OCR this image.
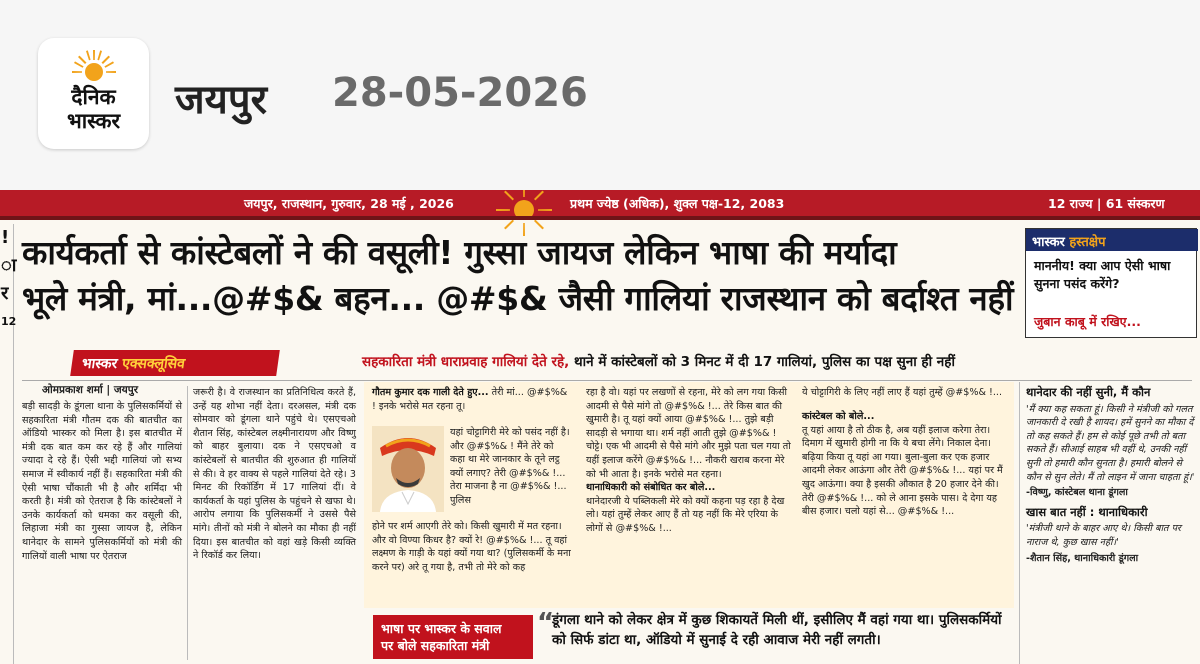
दैनिक
भास्कर	जयपुर 28-05-2026
जयपुर, राजस्थान, गुरुवार, 28 मई , 2026	प्रथम ज्येष्ठ (अधिक), शुक्ल पक्ष-12, 2083	12 राज्य | 61 संस्करण
!
ा
र
12
कार्यकर्ता से कांस्टेबलों ने की वसूली! गुस्सा जायज लेकिन भाषा की मर्यादा
भूले मंत्री, मां...@#$& बहन... @#$& जैसी गालियां राजस्थान को बर्दाश्त नहीं
भास्कर हस्तक्षेप
माननीय! क्या आप ऐसी भाषा सुनना पसंद करेंगे?
जुबान काबू में रखिए...
भास्कर एक्सक्लूसिव	सहकारिता मंत्री धाराप्रवाह गालियां देते रहे, थाने में कांस्टेबलों को 3 मिनट में दी 17 गालियां, पुलिस का पक्ष सुना ही नहीं
ओमप्रकाश शर्मा | जयपुर
बड़ी सादड़ी के डूंगला थाना के पुलिसकर्मियों से सहकारिता मंत्री गौतम दक की बातचीत का ऑडियो भास्कर को मिला है। इस बातचीत में मंत्री दक बात कम कर रहे हैं और गालियां ज्यादा दे रहे हैं। ऐसी भद्दी गालियां जो सभ्य समाज में स्वीकार्य नहीं हैं। सहकारिता मंत्री की ऐसी भाषा चौंकाती भी है और शर्मिंदा भी करती है। मंत्री को ऐतराज है कि कांस्टेबलों ने उनके कार्यकर्ता को धमका कर वसूली की, लिहाजा मंत्री का गुस्सा जायज है, लेकिन थानेदार के सामने पुलिसकर्मियों को मंत्री की गालियों वाली भाषा पर ऐतराज
जरूरी है। वे राजस्थान का प्रतिनिधित्व करते हैं, उन्हें यह शोभा नहीं देता। दरअसल, मंत्री दक सोमवार को डूंगला थाने पहुंचे थे। एसएचओ शैतान सिंह, कांस्टेबल लक्ष्मीनारायण और विष्णु को बाहर बुलाया। दक ने एसएचओ व कांस्टेबलों से बातचीत की शुरुआत ही गालियों से की। वे हर वाक्य से पहले गालियां देते रहे। 3 मिनट की रिकॉर्डिंग में 17 गालियां दीं। वे कार्यकर्ता के यहां पुलिस के पहुंचने से खफा थे। आरोप लगाया कि पुलिसकर्मी ने उससे पैसे मांगे। तीनों को मंत्री ने बोलने का मौका ही नहीं दिया। इस बातचीत को वहां खड़े किसी व्यक्ति ने रिकॉर्ड कर लिया।
गौतम कुमार दक गाली देते हुए... तेरी मां... @#$%& ! इनके भरोसे मत रहना तू।
यहां चोट्टागिरी मेरे को पसंद नहीं है। और @#$%& ! मैंने तेरे को कहा था मेरे जानकार के तूने लट्ठ क्यों लगाए? तेरी @#$%& !... तेरा माजना है ना @#$%& !... पुलिस
होने पर शर्म आएगी तेरे को। किसी खुमारी में मत रहना। और वो विण्या किधर है? क्यों रे! @#$%& !... तू वहां लक्ष्मण के गाड़ी के यहां क्यों गया था? (पुलिसकर्मी के मना करने पर) अरे तू गया है, तभी तो मेरे को कह
रहा है वो। यहां पर लखणों से रहना, मेरे को लग गया किसी आदमी से पैसे मांगे तो @#$%& !... तेरे किस बात की खुमारी है। तू यहां क्यों आया @#$%& !... तुझे बड़ी सादड़ी से भगाया था। शर्म नहीं आती तुझे @#$%& ! चोट्टे। एक भी आदमी से पैसे मांगे और मुझे पता चल गया तो यहीं इलाज करेंगे @#$%& !... नौकरी खराब करना मेरे को भी आता है। इनके भरोसे मत रहना।
थानाधिकारी को संबोधित कर बोले...
थानेदारजी ये पब्लिकली मेरे को क्यों कहना पड़ रहा है देख लो। यहां तुम्हें लेकर आए हैं तो यह नहीं कि मेरे एरिया के लोगों से @#$%& !...
ये चोट्टागिरी के लिए नहीं लाए हैं यहां तुम्हें @#$%& !...
कांस्टेबल को बोले...
तू यहां आया है तो ठीक है, अब यहीं इलाज करेगा तेरा। दिमाग में खुमारी होगी ना कि ये बचा लेंगे। निकाल देना। बढ़िया किया तू यहां आ गया। बुला-बुला कर एक हजार आदमी लेकर आऊंगा और तेरी @#$%& !... यहां पर मैं खुद आऊंगा। क्या है इसकी औकात है 20 हजार देने की। तेरी @#$%& !... को ले आना इसके पास। दे देगा यह बीस हजार। चलो यहां से... @#$%& !...
थानेदार की नहीं सुनी, मैं कौन
'मैं क्या कह सकता हूं। किसी ने मंत्रीजी को गलत जानकारी दे रखी है शायद। हमें सुनने का मौका दें तो कह सकते हैं। हम से कोई पूछे तभी तो बता सकते हैं। सीआई साहब भी वहीं थे, उनकी नहीं सुनी तो हमारी कौन सुनता है। हमारी बोलने से कौन से सुन लेते। मैं तो लाइन में जाना चाहता हूं।'
-विष्णु, कांस्टेबल थाना डूंगला
खास बात नहीं : थानाधिकारी
'मंत्रीजी थाने के बाहर आए थे। किसी बात पर नाराज थे, कुछ खास नहीं।'
-शैतान सिंह, थानाधिकारी डूंगला
भाषा पर भास्कर के सवाल
पर बोले सहकारिता मंत्री
“
डूंगला थाने को लेकर क्षेत्र में कुछ शिकायतें मिली थीं, इसीलिए मैं वहां गया था। पुलिसकर्मियों को सिर्फ डांटा था, ऑडियो में सुनाई दे रही आवाज मेरी नहीं लगती।
